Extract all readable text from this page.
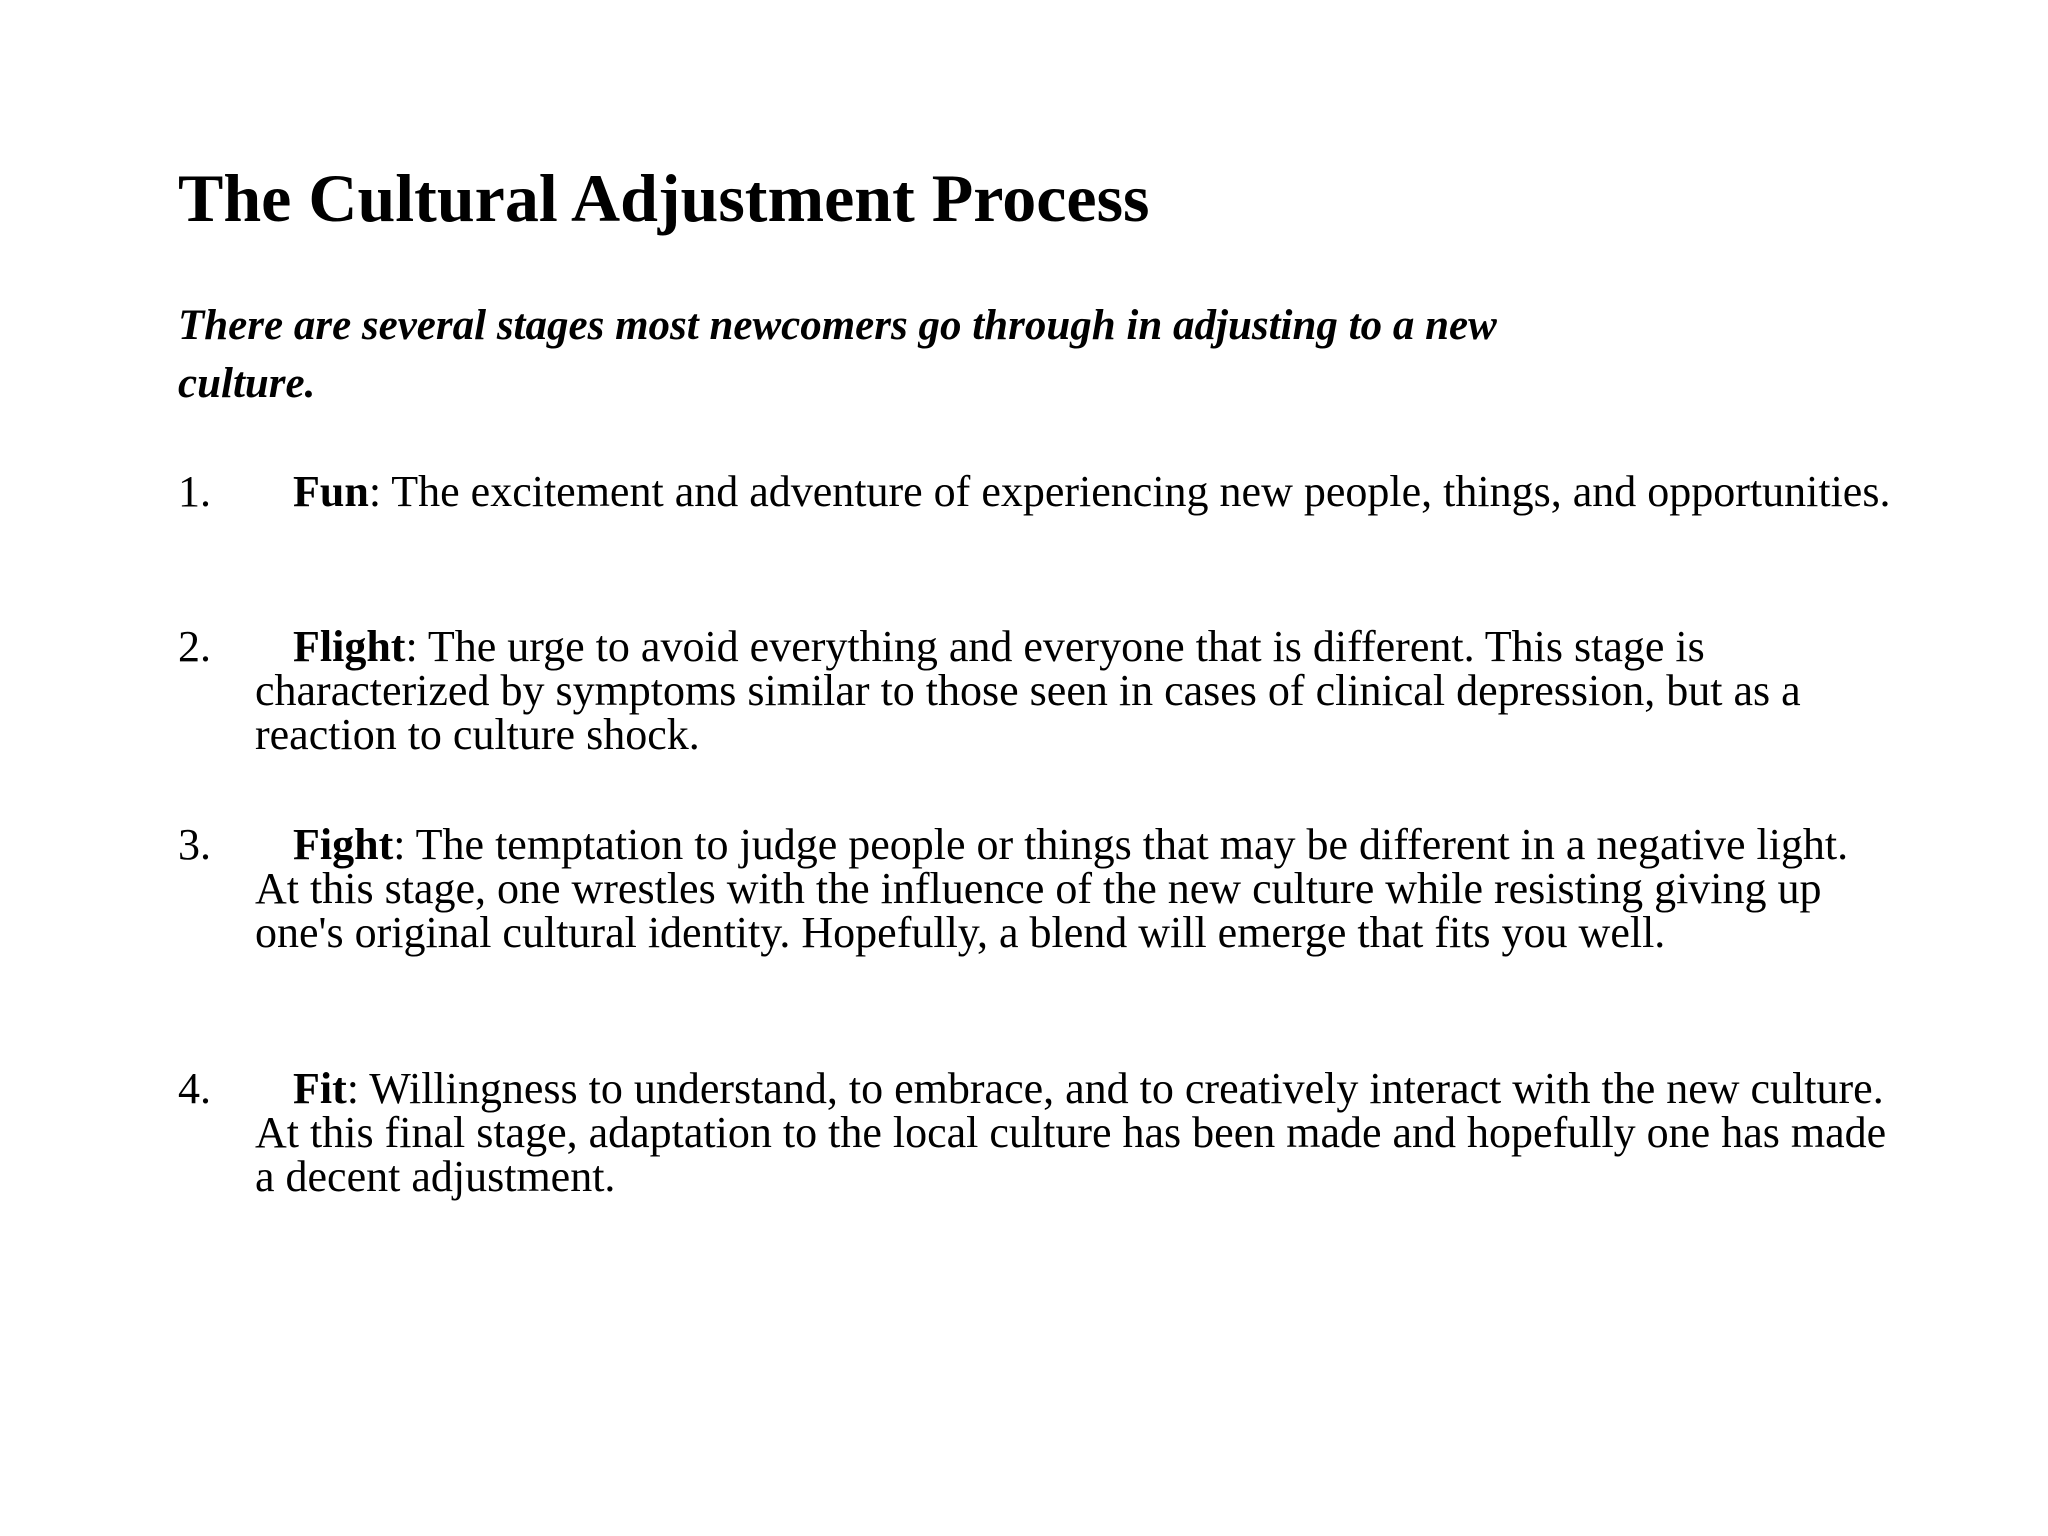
The Cultural Adjustment Process

There are several stages most newcomers go through in adjusting to a new culture.

1.	Fun: The excitement and adventure of experiencing new people, things, and opportunities.
2.	Flight: The urge to avoid everything and everyone that is different. This stage is characterized by symptoms similar to those seen in cases of clinical depression, but as a reaction to culture shock.
3.	Fight: The temptation to judge people or things that may be different in a negative light. At this stage, one wrestles with the influence of the new culture while resisting giving up one's original cultural identity. Hopefully, a blend will emerge that fits you well.
4.	Fit: Willingness to understand, to embrace, and to creatively interact with the new culture. At this final stage, adaptation to the local culture has been made and hopefully one has made a decent adjustment.
